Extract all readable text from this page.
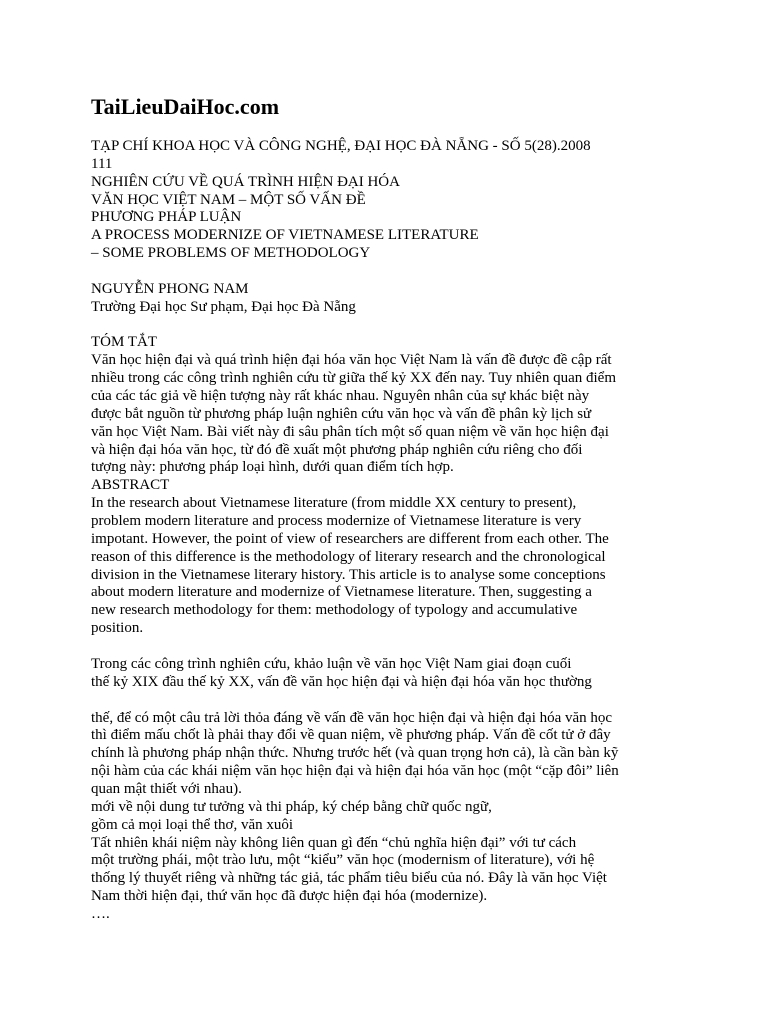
TaiLieuDaiHoc.com
TẠP CHÍ KHOA HỌC VÀ CÔNG NGHỆ, ĐẠI HỌC ĐÀ NẴNG - SỐ 5(28).2008
111
NGHIÊN CỨU VỀ QUÁ TRÌNH HIỆN ĐẠI HÓA
VĂN HỌC VIỆT NAM – MỘT SỐ VẤN ĐỀ
PHƯƠNG PHÁP LUẬN
A PROCESS MODERNIZE OF VIETNAMESE LITERATURE
– SOME PROBLEMS OF METHODOLOGY
NGUYỄN PHONG NAM
Trường Đại học Sư phạm, Đại học Đà Nẵng
TÓM TẮT
Văn học hiện đại và quá trình hiện đại hóa văn học Việt Nam là vấn đề được đề cập rất
nhiều trong các công trình nghiên cứu từ giữa thế kỷ XX đến nay. Tuy nhiên quan điểm
của các tác giả về hiện tượng này rất khác nhau. Nguyên nhân của sự khác biệt này
được bắt nguồn từ phương pháp luận nghiên cứu văn học và vấn đề phân kỳ lịch sử
văn học Việt Nam. Bài viết này đi sâu phân tích một số quan niệm về văn học hiện đại
và hiện đại hóa văn học, từ đó đề xuất một phương pháp nghiên cứu riêng cho đối
tượng này: phương pháp loại hình, dưới quan điểm tích hợp.
ABSTRACT
In the research about Vietnamese literature (from middle XX century to present),
problem modern literature and process modernize of Vietnamese literature is very
impotant. However, the point of view of researchers are different from each other. The
reason of this difference is the methodology of literary research and the chronological
division in the Vietnamese literary history. This article is to analyse some conceptions
about modern literature and modernize of Vietnamese literature. Then, suggesting a
new research methodology for them: methodology of typology and accumulative
position.
Trong các công trình nghiên cứu, khảo luận về văn học Việt Nam giai đoạn cuối
thế kỷ XIX đầu thế kỷ XX, vấn đề văn học hiện đại và hiện đại hóa văn học thường
thế, để có một câu trả lời thỏa đáng về vấn đề văn học hiện đại và hiện đại hóa văn học
thì điểm mấu chốt là phải thay đổi về quan niệm, về phương pháp. Vấn đề cốt tử ở đây
chính là phương pháp nhận thức. Nhưng trước hết (và quan trọng hơn cả), là cần bàn kỹ
nội hàm của các khái niệm văn học hiện đại và hiện đại hóa văn học (một “cặp đôi” liên
quan mật thiết với nhau).
mới về nội dung tư tưởng và thi pháp, ký chép bằng chữ quốc ngữ,
gồm cả mọi loại thể thơ, văn xuôi
Tất nhiên khái niệm này không liên quan gì đến “chủ nghĩa hiện đại” với tư cách
một trường phái, một trào lưu, một “kiểu” văn học (modernism of literature), với hệ
thống lý thuyết riêng và những tác giả, tác phẩm tiêu biểu của nó. Đây là văn học Việt
Nam thời hiện đại, thứ văn học đã được hiện đại hóa (modernize).
….
